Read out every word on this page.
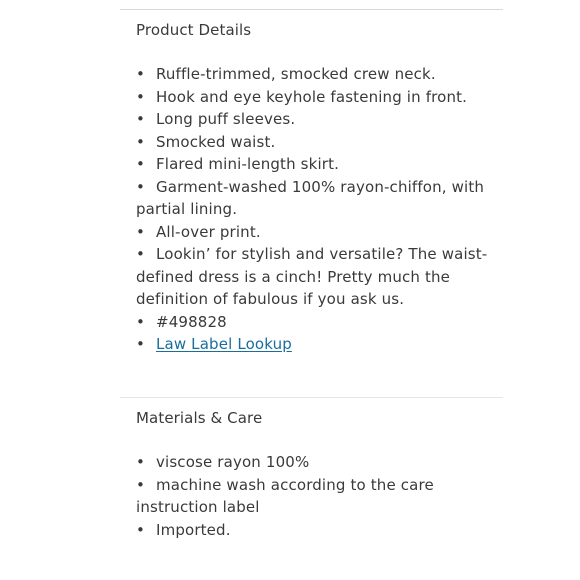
Product Details
• Ruffle-trimmed, smocked crew neck.
• Hook and eye keyhole fastening in front.
• Long puff sleeves.
• Smocked waist.
• Flared mini-length skirt.
• Garment-washed 100% rayon-chiffon, with partial lining.
• All-over print.
• Lookin’ for stylish and versatile? The waist-defined dress is a cinch! Pretty much the definition of fabulous if you ask us.
• #498828
• Law Label Lookup
Materials & Care
• viscose rayon 100%
• machine wash according to the care instruction label
• Imported.
